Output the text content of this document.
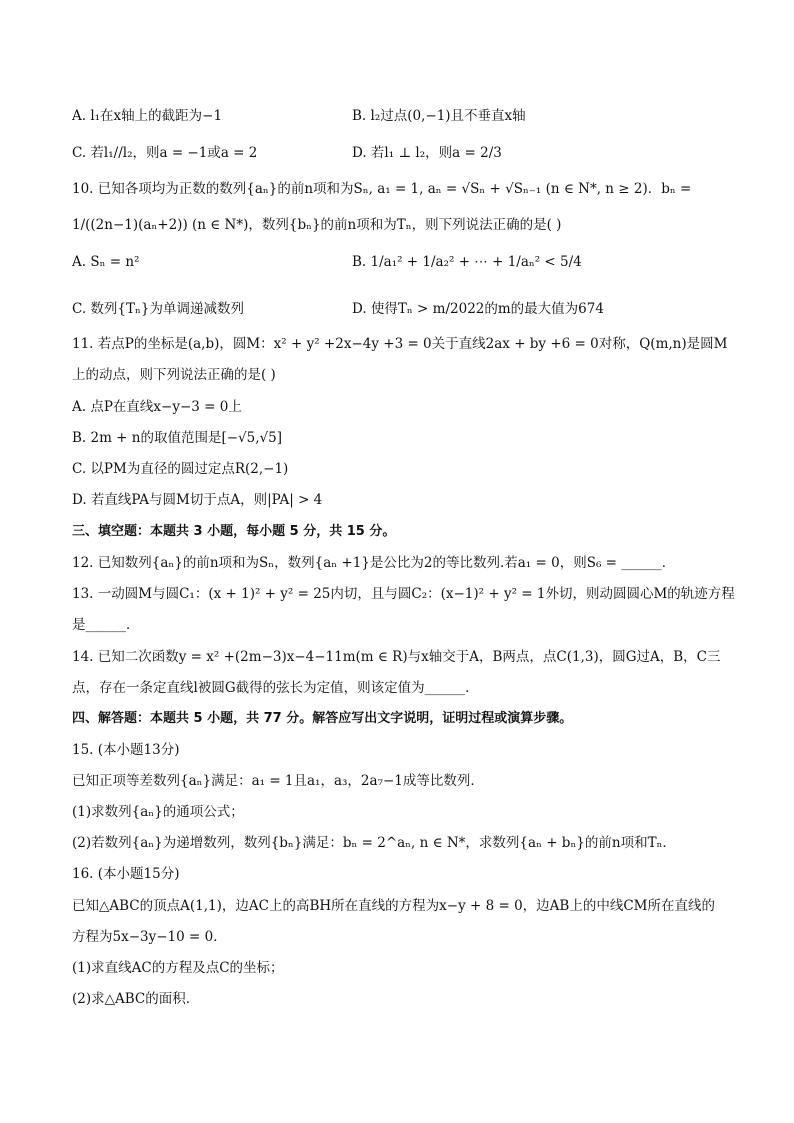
A. l₁在x轴上的截距为−1	B. l₂过点(0,−1)且不垂直x轴
C. 若l₁//l₂，则a = −1或a = 2	D. 若l₁ ⊥ l₂，则a = 2/3
10. 已知各项均为正数的数列{aₙ}的前n项和为Sₙ, a₁ = 1, aₙ = √Sₙ + √Sₙ₋₁ (n ∈ N*, n ≥ 2)．bₙ =
1/((2n−1)(aₙ+2)) (n ∈ N*)，数列{bₙ}的前n项和为Tₙ，则下列说法正确的是( )
A. Sₙ = n²	B. 1/a₁² + 1/a₂² + ⋯ + 1/aₙ² < 5/4
C. 数列{Tₙ}为单调递减数列	D. 使得Tₙ > m/2022的m的最大值为674
11. 若点P的坐标是(a,b)，圆M：x² + y² +2x−4y +3 = 0关于直线2ax + by +6 = 0对称，Q(m,n)是圆M
上的动点，则下列说法正确的是( )
A. 点P在直线x−y−3 = 0上
B. 2m + n的取值范围是[−√5,√5]
C. 以PM为直径的圆过定点R(2,−1)
D. 若直线PA与圆M切于点A，则|PA| > 4
三、填空题：本题共 3 小题，每小题 5 分，共 15 分。
12. 已知数列{aₙ}的前n项和为Sₙ，数列{aₙ +1}是公比为2的等比数列.若a₁ = 0，则S₆ = ______．
13. 一动圆M与圆C₁：(x + 1)² + y² = 25内切，且与圆C₂：(x−1)² + y² = 1外切，则动圆圆心M的轨迹方程
是______．
14. 已知二次函数y = x² +(2m−3)x−4−11m(m ∈ R)与x轴交于A，B两点，点C(1,3)，圆G过A，B，C三
点，存在一条定直线l被圆G截得的弦长为定值，则该定值为______．
四、解答题：本题共 5 小题，共 77 分。解答应写出文字说明，证明过程或演算步骤。
15. (本小题13分)
已知正项等差数列{aₙ}满足：a₁ = 1且a₁，a₃，2a₇−1成等比数列．
(1)求数列{aₙ}的通项公式；
(2)若数列{aₙ}为递增数列，数列{bₙ}满足：bₙ = 2^aₙ, n ∈ N*，求数列{aₙ + bₙ}的前n项和Tₙ．
16. (本小题15分)
已知△ABC的顶点A(1,1)，边AC上的高BH所在直线的方程为x−y + 8 = 0，边AB上的中线CM所在直线的
方程为5x−3y−10 = 0．
(1)求直线AC的方程及点C的坐标；
(2)求△ABC的面积．
